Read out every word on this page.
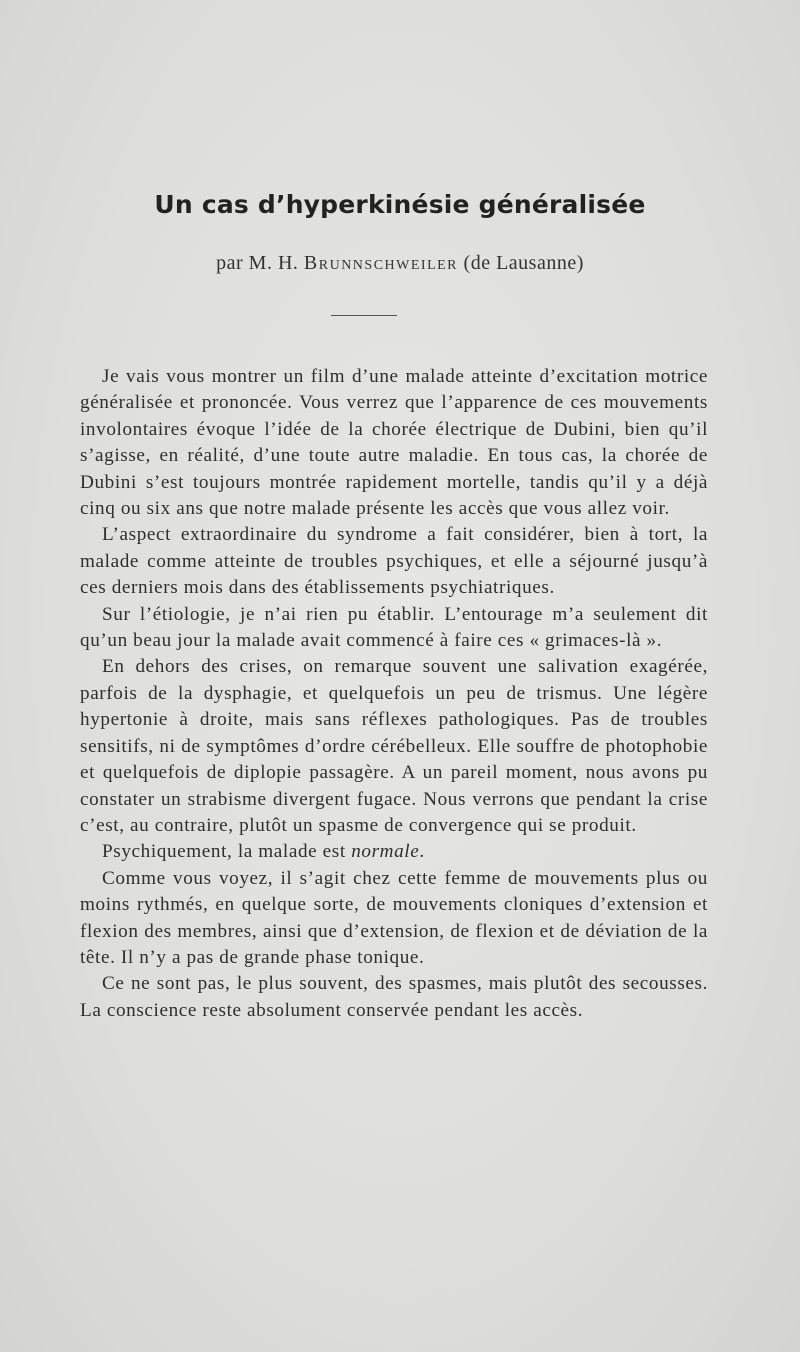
Un cas d’hyperkinésie généralisée
par M. H. Brunnschweiler (de Lausanne)

Je vais vous montrer un film d’une malade atteinte d’excitation motrice généralisée et prononcée. Vous verrez que l’apparence de ces mouvements involontaires évoque l’idée de la chorée électrique de Dubini, bien qu’il s’agisse, en réalité, d’une toute autre maladie. En tous cas, la chorée de Dubini s’est toujours montrée rapidement mortelle, tandis qu’il y a déjà cinq ou six ans que notre malade présente les accès que vous allez voir.

L’aspect extraordinaire du syndrome a fait considérer, bien à tort, la malade comme atteinte de troubles psychiques, et elle a séjourné jusqu’à ces derniers mois dans des établissements psychiatriques.

Sur l’étiologie, je n’ai rien pu établir. L’entourage m’a seulement dit qu’un beau jour la malade avait commencé à faire ces « grimaces-là ».

En dehors des crises, on remarque souvent une salivation exagérée, parfois de la dysphagie, et quelquefois un peu de trismus. Une légère hypertonie à droite, mais sans réflexes pathologiques. Pas de troubles sensitifs, ni de symptômes d’ordre cérébelleux. Elle souffre de photophobie et quelquefois de diplopie passagère. A un pareil moment, nous avons pu constater un strabisme divergent fugace. Nous verrons que pendant la crise c’est, au contraire, plutôt un spasme de convergence qui se produit.

Psychiquement, la malade est normale.

Comme vous voyez, il s’agit chez cette femme de mouvements plus ou moins rythmés, en quelque sorte, de mouvements cloniques d’extension et flexion des membres, ainsi que d’extension, de flexion et de déviation de la tête. Il n’y a pas de grande phase tonique.

Ce ne sont pas, le plus souvent, des spasmes, mais plutôt des secousses. La conscience reste absolument conservée pendant les accès.
